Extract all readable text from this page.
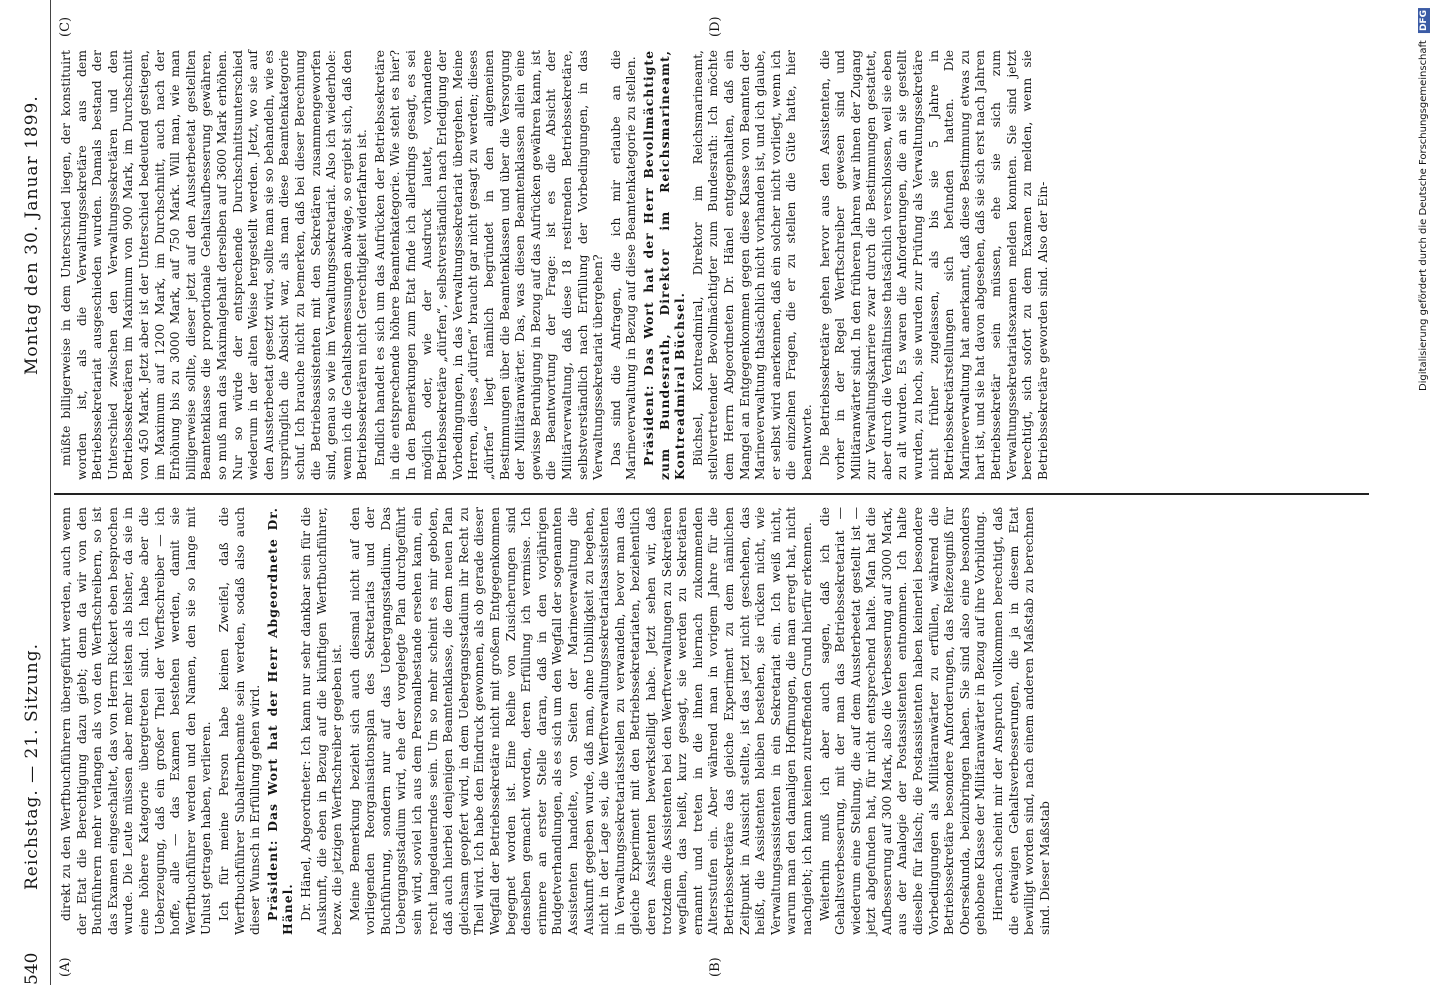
540
Reichstag. — 21. Sitzung.
Montag den 30. Januar 1899.
(A)	(B)
(C)	(D)

direkt zu den Werftbuchführern übergeführt werden, auch wenn der Etat die Berechtigung dazu giebt; denn da wir von den Buchführern mehr verlangen als von den Werftschreibern, so ist das Examen eingeschaltet, das von Herrn Rickert eben besprochen wurde. Die Leute müssen aber mehr leisten als bisher, da sie in eine höhere Kategorie übergetreten sind. Ich habe aber die Ueberzeugung, daß ein großer Theil der Werftschreiber — ich hoffe, alle — das Examen bestehen werden, damit sie Werftbuchführer werden und den Namen, den sie so lange mit Unlust getragen haben, verlieren. Ich für meine Person habe keinen Zweifel, daß die Werftbuchführer Subalternbeamte sein werden, sodaß also auch dieser Wunsch in Erfüllung gehen wird. Präsident: Das Wort hat der Herr Abgeordnete Dr. Hänel. Dr. Hänel, Abgeordneter: Ich kann nur sehr dankbar sein für die Auskunft, die eben in Bezug auf die künftigen Werftbuchführer, bezw. die jetzigen Werftschreiber gegeben ist. Meine Bemerkung bezieht sich auch diesmal nicht auf den vorliegenden Reorganisationsplan des Sekretariats und der Buchführung, sondern nur auf das Uebergangsstadium. Das Uebergangsstadium wird, ehe der vorgelegte Plan durchgeführt sein wird, soviel ich aus dem Personalbestande ersehen kann, ein recht langedauerndes sein. Um so mehr scheint es mir geboten, daß auch hierbei denjenigen Beamtenklasse, die dem neuen Plan gleichsam geopfert wird, in dem Uebergangsstadium ihr Recht zu Theil wird. Ich habe den Eindruck gewonnen, als ob gerade dieser Wegfall der Betriebssekretäre nicht mit großem Entgegenkommen begegnet worden ist. Eine Reihe von Zusicherungen sind denselben gemacht worden, deren Erfüllung ich vermisse. Ich erinnere an erster Stelle daran, daß in den vorjährigen Budgetverhandlungen, als es sich um den Wegfall der sogenannten Assistenten handelte, von Seiten der Marineverwaltung die Auskunft gegeben wurde, daß man, ohne Unbilligkeit zu begehen, nicht in der Lage sei, die Werftverwaltungssekretariatsassistenten in Verwaltungssekretariatsstellen zu verwandeln, bevor man das gleiche Experiment mit den Betriebssekretariaten, beziehentlich deren Assistenten bewerkstelligt habe. Jetzt sehen wir, daß trotzdem die Assistenten bei den Werftverwaltungen zu Sekretären wegfallen, das heißt, kurz gesagt, sie werden zu Sekretären ernannt und treten in die ihnen hiernach zukommenden Altersstufen ein. Aber während man in vorigem Jahre für die Betriebssekretäre das gleiche Experiment zu dem nämlichen Zeitpunkt in Aussicht stellte, ist das jetzt nicht geschehen, das heißt, die Assistenten bleiben bestehen, sie rücken nicht, wie Verwaltungsassistenten in ein Sekretariat ein. Ich weiß nicht, warum man den damaligen Hoffnungen, die man erregt hat, nicht nachgiebt; ich kann keinen zutreffenden Grund hierfür erkennen. Weiterhin muß ich aber auch sagen, daß ich die Gehaltsverbesserung, mit der man das Betriebssekretariat — wiederum eine Stellung, die auf dem Aussterbeetat gestellt ist — jetzt abgefunden hat, für nicht entsprechend halte. Man hat die Aufbesserung auf 300 Mark, also die Verbesserung auf 3000 Mark, aus der Analogie der Postassistenten entnommen. Ich halte dieselbe für falsch; die Postassistenten haben keinerlei besondere Vorbedingungen als Militäranwärter zu erfüllen, während die Betriebssekretäre besondere Anforderungen, das Reifezeugniß für Obersekunda, beizubringen haben. Sie sind also eine besonders gehobene Klasse der Militäranwärter in Bezug auf ihre Vorbildung. Hiernach scheint mir der Anspruch vollkommen berechtigt, daß die etwaigen Gehaltsverbesserungen, die ja in diesem Etat bewilligt worden sind, nach einem anderen Maßstab zu berechnen sind. Dieser Maßstab

müßte billigerweise in dem Unterschied liegen, der konstituirt worden ist, als die Verwaltungssekretäre aus dem Betriebssekretariat ausgeschieden wurden. Damals bestand der Unterschied zwischen den Verwaltungssekretären und den Betriebssekretären im Maximum von 900 Mark, im Durchschnitt von 450 Mark. Jetzt aber ist der Unterschied bedeutend gestiegen, im Maximum auf 1200 Mark, im Durchschnitt, auch nach der Erhöhung bis zu 3000 Mark, auf 750 Mark. Will man, wie man billigerweise sollte, dieser jetzt auf den Aussterbeetat gestellten Beamtenklasse die proportionale Gehaltsaufbesserung gewähren, so muß man das Maximalgehalt derselben auf 3600 Mark erhöhen. Nur so würde der entsprechende Durchschnittsunterschied wiederum in der alten Weise hergestellt werden. Jetzt, wo sie auf den Aussterbeetat gesetzt wird, sollte man sie so behandeln, wie es ursprünglich die Absicht war, als man diese Beamtenkategorie schuf. Ich brauche nicht zu bemerken, daß bei dieser Berechnung die Betriebsassistenten mit den Sekretären zusammengeworfen sind, genau so wie im Verwaltungssekretariat. Also ich wiederhole: wenn ich die Gehaltsbemessungen abwäge, so ergiebt sich, daß den Betriebssekretären nicht Gerechtigkeit widerfahren ist. Endlich handelt es sich um das Aufrücken der Betriebssekretäre in die entsprechende höhere Beamtenkategorie. Wie steht es hier? In den Bemerkungen zum Etat finde ich allerdings gesagt, es sei möglich oder, wie der Ausdruck lautet, vorhandene Betriebssekretäre „dürfen“, selbstverständlich nach Erledigung der Vorbedingungen, in das Verwaltungssekretariat übergehen. Meine Herren, dieses „dürfen“ braucht gar nicht gesagt zu werden; dieses „dürfen“ liegt nämlich begründet in den allgemeinen Bestimmungen über die Beamtenklassen und über die Versorgung der Militäranwärter. Das, was diesen Beamtenklassen allein eine gewisse Beruhigung in Bezug auf das Aufrücken gewähren kann, ist die Beantwortung der Frage: ist es die Absicht der Militärverwaltung, daß diese 18 restirenden Betriebssekretäre, selbstverständlich nach Erfüllung der Vorbedingungen, in das Verwaltungssekretariat übergehen? Das sind die Anfragen, die ich mir erlaube an die Marineverwaltung in Bezug auf diese Beamtenkategorie zu stellen. Präsident: Das Wort hat der Herr Bevollmächtigte zum Bundesrath, Direktor im Reichsmarineamt, Kontreadmiral Büchsel. Büchsel, Kontreadmiral, Direktor im Reichsmarineamt, stellvertretender Bevollmächtigter zum Bundesrath: Ich möchte dem Herrn Abgeordneten Dr. Hänel entgegenhalten, daß ein Mangel an Entgegenkommen gegen diese Klasse von Beamten der Marineverwaltung thatsächlich nicht vorhanden ist, und ich glaube, er selbst wird anerkennen, daß ein solcher nicht vorliegt, wenn ich die einzelnen Fragen, die er zu stellen die Güte hatte, hier beantworte. Die Betriebssekretäre gehen hervor aus den Assistenten, die vorher in der Regel Werftschreiber gewesen sind und Militäranwärter sind. In den früheren Jahren war ihnen der Zugang zur Verwaltungskarriere zwar durch die Bestimmungen gestattet, aber durch die Verhältnisse thatsächlich verschlossen, weil sie eben zu alt wurden. Es waren die Anforderungen, die an sie gestellt wurden, zu hoch, sie wurden zur Prüfung als Verwaltungssekretäre nicht früher zugelassen, als bis sie 5 Jahre in Betriebssekretärstellungen sich befunden hatten. Die Marineverwaltung hat anerkannt, daß diese Bestimmung etwas zu hart ist, und sie hat davon abgesehen, daß sie sich erst nach Jahren Betriebssekretär sein müssen, ehe sie sich zum Verwaltungssekretariatsexamen melden konnten. Sie sind jetzt berechtigt, sich sofort zu dem Examen zu melden, wenn sie Betriebssekretäre geworden sind. Also der Ein-	Digitalisierung gefördert durch die Deutsche Forschungsgemeinschaft DFG
